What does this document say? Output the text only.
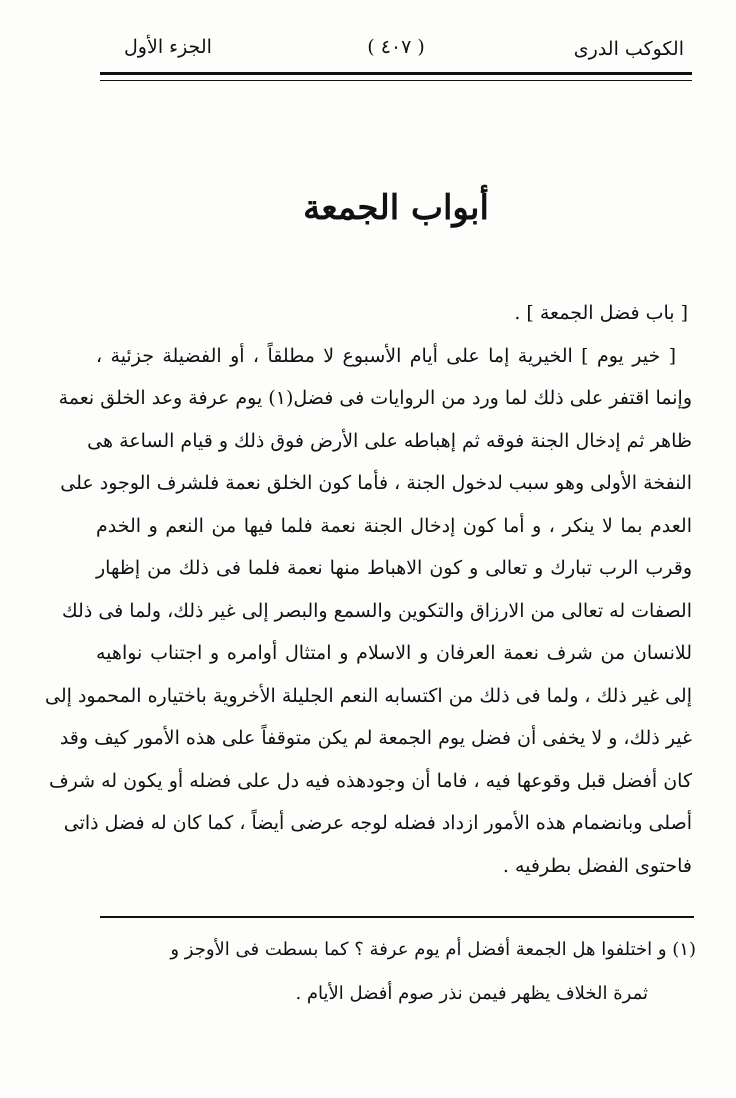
الكوكب الدرى
( ٤٠٧ )
الجزء الأول
أبواب الجمعة
[ باب فضل الجمعة ] .
[ خير يوم ] الخيرية إما على أيام الأسبوع لا مطلقاً ، أو الفضيلة جزئية ،
وإنما اقتفر على ذلك لما ورد من الروايات فى فضل(١) يوم عرفة وعد الخلق نعمة
ظاهر ثم إدخال الجنة فوقه ثم إهباطه على الأرض فوق ذلك و قيام الساعة هى
النفخة الأولى وهو سبب لدخول الجنة ، فأما كون الخلق نعمة فلشرف الوجود على
العدم بما لا ينكر ، و أما كون إدخال الجنة نعمة فلما فيها من النعم و الخدم
وقرب الرب تبارك و تعالى و كون الاهباط منها نعمة فلما فى ذلك من إظهار
الصفات له تعالى من الارزاق والتكوين والسمع والبصر إلى غير ذلك، ولما فى ذلك
للانسان من شرف نعمة العرفان و الاسلام و امتثال أوامره و اجتناب نواهيه
إلى غير ذلك ، ولما فى ذلك من اكتسابه النعم الجليلة الأخروية باختياره المحمود إلى
غير ذلك، و لا يخفى أن فضل يوم الجمعة لم يكن متوقفاً على هذه الأمور كيف وقد
كان أفضل قبل وقوعها فيه ، فاما أن وجودهذه فيه دل على فضله أو يكون له شرف
أصلى وبانضمام هذه الأمور ازداد فضله لوجه عرضى أيضاً ، كما كان له فضل ذاتى
فاحتوى الفضل بطرفيه .
(١) و اختلفوا هل الجمعة أفضل أم يوم عرفة ؟ كما بسطت فى الأوجز و
ثمرة الخلاف يظهر فيمن نذر صوم أفضل الأيام .
